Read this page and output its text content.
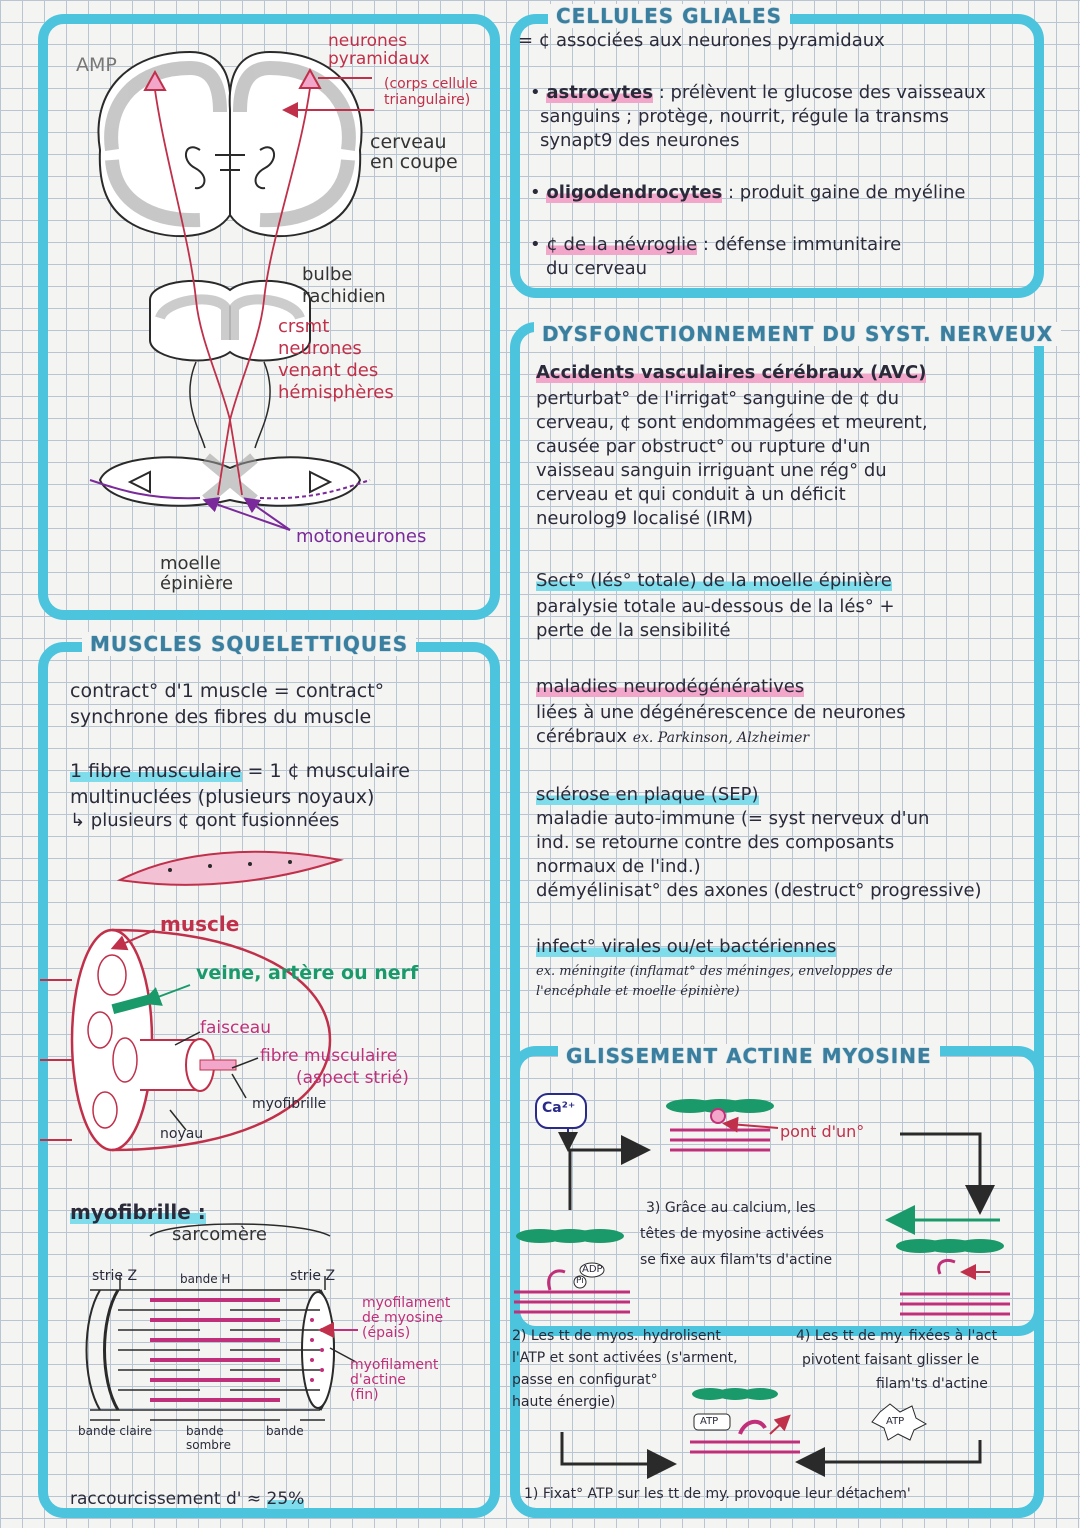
AMP
neurones
pyramidaux
(corps cellule
triangulaire)
cerveau
en coupe
bulbe
rachidien
crsmt
neurones
venant des
hémisphères
motoneurones
moelle
épinière
MUSCLES SQUELETTIQUES
contract° d'1 muscle = contract°
synchrone des fibres du muscle
1 fibre musculaire = 1 ¢ musculaire
multinuclées (plusieurs noyaux)
↳ plusieurs ¢ qont fusionnées
muscle
veine, artère ou nerf
faisceau
fibre musculaire
(aspect strié)
myofibrille
noyau
myofibrille :
sarcomère
strie Z	bande H	strie Z
myofilament
de myosine
(épais)
myofilament
d'actine
(fin)
bande claire	bande
sombre
bande
raccourcissement d' ≈ 25%
CELLULES GLIALES
= ¢ associées aux neurones pyramidaux
• astrocytes : prélèvent le glucose des vaisseaux
sanguins ; protège, nourrit, régule la transms
synapt9 des neurones
• oligodendrocytes : produit gaine de myéline
• ¢ de la névroglie : défense immunitaire
du cerveau
DYSFONCTIONNEMENT DU SYST. NERVEUX
Accidents vasculaires cérébraux (AVC)
perturbat° de l'irrigat° sanguine de ¢ du
cerveau, ¢ sont endommagées et meurent,
causée par obstruct° ou rupture d'un
vaisseau sanguin irriguant une rég° du
cerveau et qui conduit à un déficit
neurolog9 localisé (IRM)
Sect° (lés° totale) de la moelle épinière
paralysie totale au-dessous de la lés° +
perte de la sensibilité
maladies neurodégénératives
liées à une dégénérescence de neurones
cérébraux ex. Parkinson, Alzheimer
sclérose en plaque (SEP)
maladie auto-immune (= syst nerveux d'un
ind. se retourne contre des composants
normaux de l'ind.)
démyélinisat° des axones (destruct° progressive)
infect° virales ou/et bactériennes
ex. méningite (inflamat° des méninges, enveloppes de
l'encéphale et moelle épinière)
GLISSEMENT ACTINE MYOSINE
Ca²⁺
pont d'un°
ADP
Pi
ATP	ATP
3) Grâce au calcium, les
têtes de myosine activées
se fixe aux filam'ts d'actine
2) Les tt de myos. hydrolisent
l'ATP et sont activées (s'arment,
passe en configurat°
haute énergie)
4) Les tt de my. fixées à l'act
pivotent faisant glisser le
filam'ts d'actine
1) Fixat° ATP sur les tt de my. provoque leur détachem'
